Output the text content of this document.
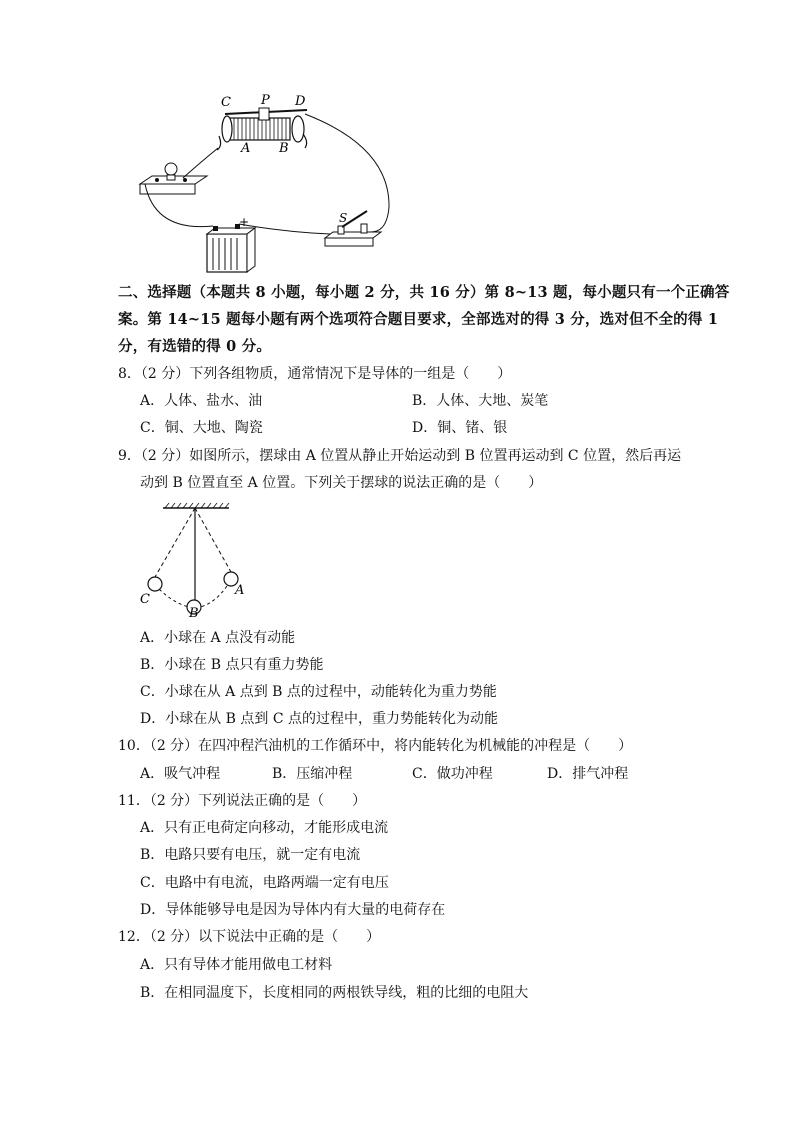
C P D
A B
S
+
二、选择题（本题共 8 小题，每小题 2 分，共 16 分）第 8~13 题，每小题只有一个正确答
案。第 14~15 题每小题有两个选项符合题目要求，全部选对的得 3 分，选对但不全的得 1
分，有选错的得 0 分。
8．（2 分）下列各组物质，通常情况下是导体的一组是（　　）
A．人体、盐水、油	B．人体、大地、炭笔
C．铜、大地、陶瓷	D．铜、锗、银
9．（2 分）如图所示，摆球由 A 位置从静止开始运动到 B 位置再运动到 C 位置，然后再运
动到 B 位置直至 A 位置。下列关于摆球的说法正确的是（　　）
C
B
A
A．小球在 A 点没有动能
B．小球在 B 点只有重力势能
C．小球在从 A 点到 B 点的过程中，动能转化为重力势能
D．小球在从 B 点到 C 点的过程中，重力势能转化为动能
10．（2 分）在四冲程汽油机的工作循环中，将内能转化为机械能的冲程是（　　）
A．吸气冲程	B．压缩冲程	C．做功冲程	D．排气冲程
11．（2 分）下列说法正确的是（　　）
A．只有正电荷定向移动，才能形成电流
B．电路只要有电压，就一定有电流
C．电路中有电流，电路两端一定有电压
D．导体能够导电是因为导体内有大量的电荷存在
12．（2 分）以下说法中正确的是（　　）
A．只有导体才能用做电工材料
B．在相同温度下，长度相同的两根铁导线，粗的比细的电阻大
